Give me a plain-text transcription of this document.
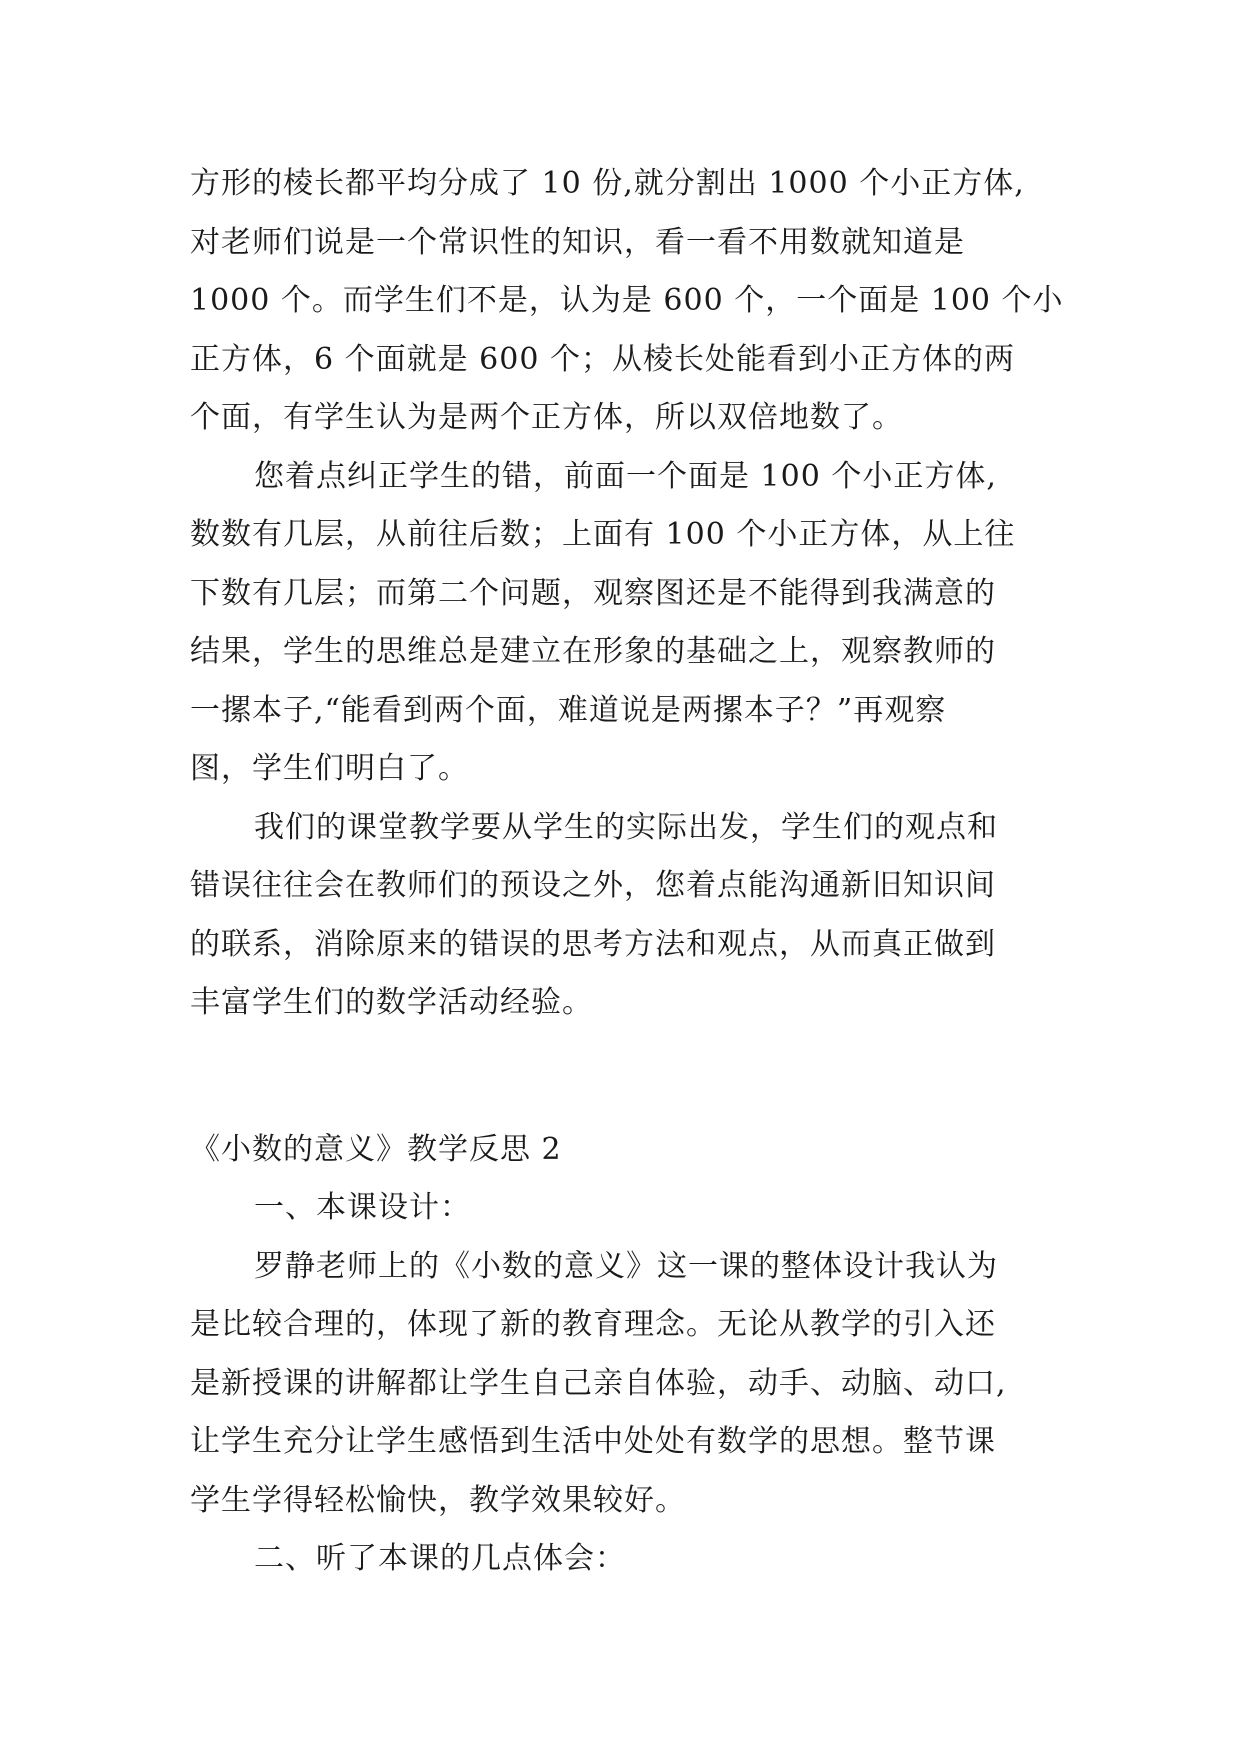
方形的棱长都平均分成了 10 份,就分割出 1000 个小正方体,
对老师们说是一个常识性的知识，看一看不用数就知道是
1000 个。而学生们不是，认为是 600 个，一个面是 100 个小
正方体，6 个面就是 600 个；从棱长处能看到小正方体的两
个面，有学生认为是两个正方体，所以双倍地数了。
您着点纠正学生的错，前面一个面是 100 个小正方体,
数数有几层，从前往后数；上面有 100 个小正方体，从上往
下数有几层；而第二个问题，观察图还是不能得到我满意的
结果，学生的思维总是建立在形象的基础之上，观察教师的
一摞本子,“能看到两个面，难道说是两摞本子？”再观察
图，学生们明白了。
我们的课堂教学要从学生的实际出发，学生们的观点和
错误往往会在教师们的预设之外，您着点能沟通新旧知识间
的联系，消除原来的错误的思考方法和观点，从而真正做到
丰富学生们的数学活动经验。
《小数的意义》教学反思 2
一、本课设计：
罗静老师上的《小数的意义》这一课的整体设计我认为
是比较合理的，体现了新的教育理念。无论从教学的引入还
是新授课的讲解都让学生自己亲自体验，动手、动脑、动口,
让学生充分让学生感悟到生活中处处有数学的思想。整节课
学生学得轻松愉快，教学效果较好。
二、听了本课的几点体会：
